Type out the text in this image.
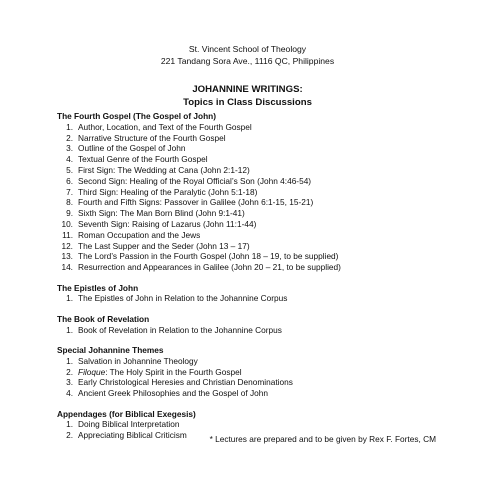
St. Vincent School of Theology
221 Tandang Sora Ave., 1116 QC, Philippines
JOHANNINE WRITINGS:
Topics in Class Discussions
The Fourth Gospel (The Gospel of John)
1. Author, Location, and Text of the Fourth Gospel
2. Narrative Structure of the Fourth Gospel
3. Outline of the Gospel of John
4. Textual Genre of the Fourth Gospel
5. First Sign: The Wedding at Cana (John 2:1-12)
6. Second Sign: Healing of the Royal Official’s Son (John 4:46-54)
7. Third Sign: Healing of the Paralytic (John 5:1-18)
8. Fourth and Fifth Signs: Passover in Galilee (John 6:1-15, 15-21)
9. Sixth Sign: The Man Born Blind (John 9:1-41)
10. Seventh Sign: Raising of Lazarus (John 11:1-44)
11. Roman Occupation and the Jews
12. The Last Supper and the Seder (John 13 – 17)
13. The Lord’s Passion in the Fourth Gospel (John 18 – 19, to be supplied)
14. Resurrection and Appearances in Galilee (John 20 – 21, to be supplied)
The Epistles of John
1. The Epistles of John in Relation to the Johannine Corpus
The Book of Revelation
1. Book of Revelation in Relation to the Johannine Corpus
Special Johannine Themes
1. Salvation in Johannine Theology
2. Filoque: The Holy Spirit in the Fourth Gospel
3. Early Christological Heresies and Christian Denominations
4. Ancient Greek Philosophies and the Gospel of John
Appendages (for Biblical Exegesis)
1. Doing Biblical Interpretation
2. Appreciating Biblical Criticism	* Lectures are prepared and to be given by Rex F. Fortes, CM
